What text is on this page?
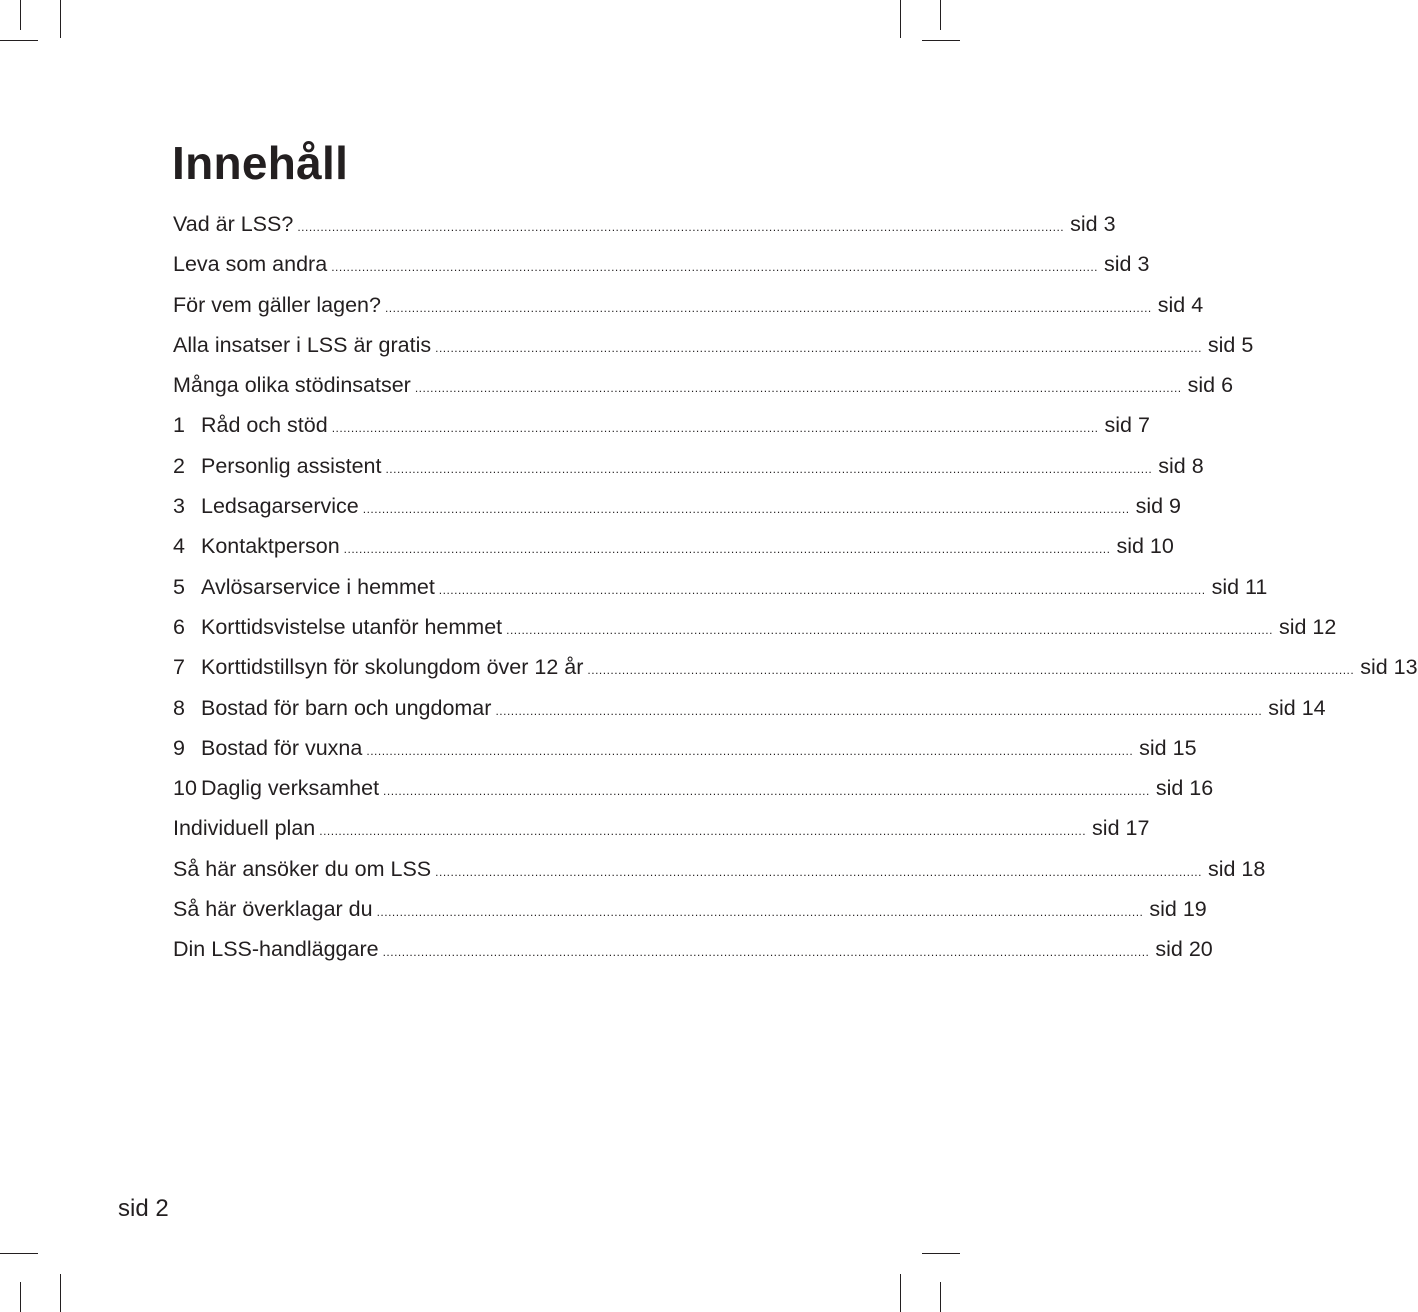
Innehåll
Vad är LSS? ........................................................................................................................................................................................................ sid 3
Leva som andra ........................................................................................................................................................................................................ sid 3
För vem gäller lagen? ........................................................................................................................................................................................................ sid 4
Alla insatser i LSS är gratis ........................................................................................................................................................................................................ sid 5
Många olika stödinsatser ........................................................................................................................................................................................................ sid 6
1 Råd och stöd ........................................................................................................................................................................................................ sid 7
2 Personlig assistent ........................................................................................................................................................................................................ sid 8
3 Ledsagarservice ........................................................................................................................................................................................................ sid 9
4 Kontaktperson ........................................................................................................................................................................................................ sid 10
5 Avlösarservice i hemmet ........................................................................................................................................................................................................ sid 11
6 Korttidsvistelse utanför hemmet ........................................................................................................................................................................................................ sid 12
7 Korttidstillsyn för skolungdom över 12 år ........................................................................................................................................................................................................ sid 13
8 Bostad för barn och ungdomar ........................................................................................................................................................................................................ sid 14
9 Bostad för vuxna ........................................................................................................................................................................................................ sid 15
10 Daglig verksamhet ........................................................................................................................................................................................................ sid 16
Individuell plan ........................................................................................................................................................................................................ sid 17
Så här ansöker du om LSS ........................................................................................................................................................................................................ sid 18
Så här överklagar du ........................................................................................................................................................................................................ sid 19
Din LSS-handläggare ........................................................................................................................................................................................................ sid 20
sid 2
